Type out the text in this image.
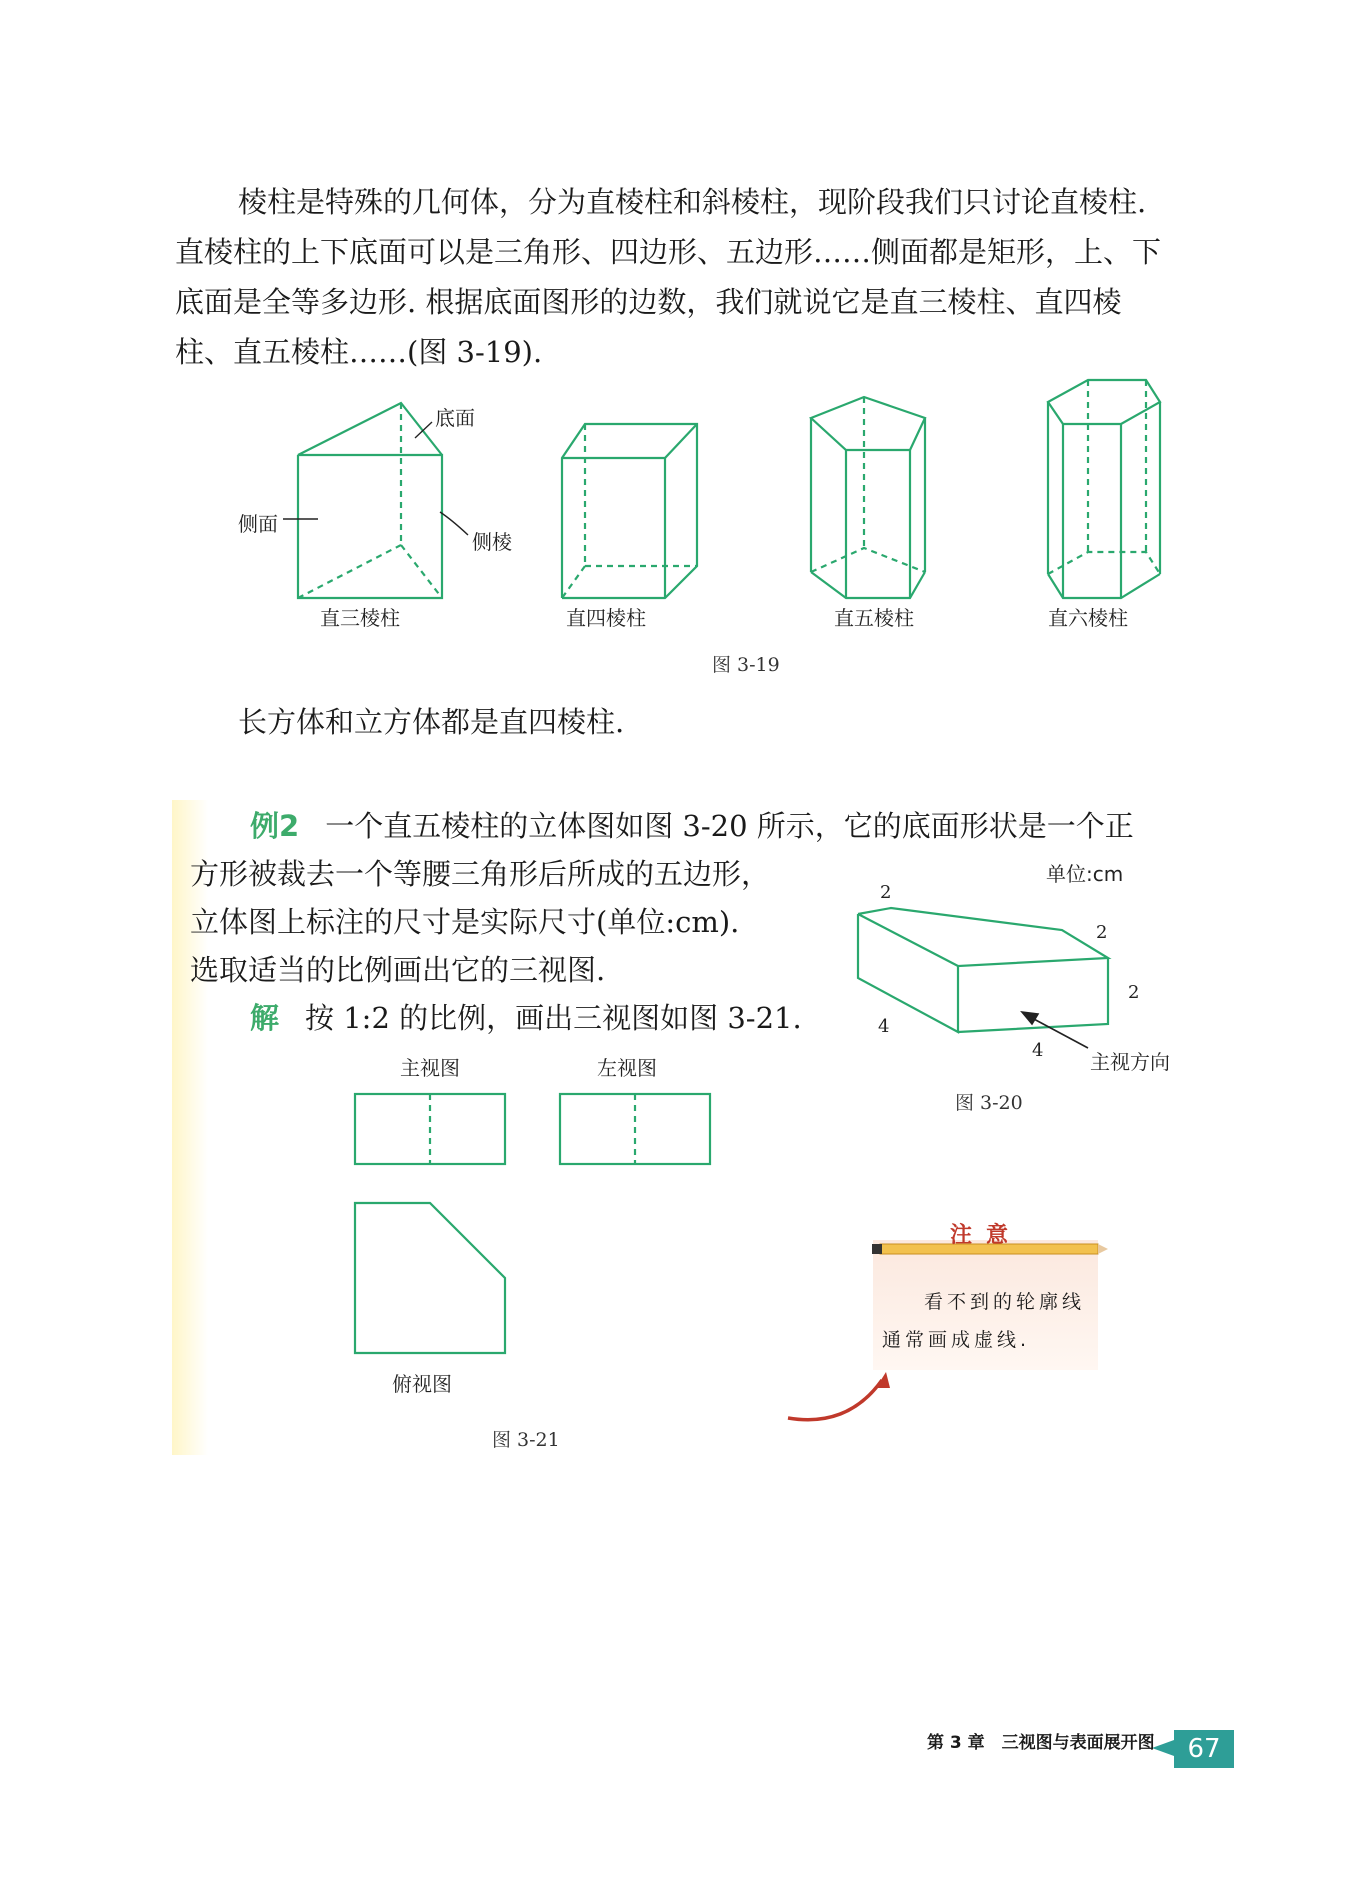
棱柱是特殊的几何体，分为直棱柱和斜棱柱，现阶段我们只讨论直棱柱.
直棱柱的上下底面可以是三角形、四边形、五边形……侧面都是矩形，上、下
底面是全等多边形. 根据底面图形的边数，我们就说它是直三棱柱、直四棱
柱、直五棱柱……(图 3-19).
底面
侧面
侧棱
直三棱柱	直四棱柱	直五棱柱	直六棱柱
图 3-19
长方体和立方体都是直四棱柱.
例2 一个直五棱柱的立体图如图 3-20 所示，它的底面形状是一个正
方形被裁去一个等腰三角形后所成的五边形，
立体图上标注的尺寸是实际尺寸(单位:cm).
选取适当的比例画出它的三视图.
解 按 1:2 的比例，画出三视图如图 3-21.
单位:cm
2
2
2
4
4 主视方向
图 3-20
主视图	左视图
俯视图
图 3-21
注意
看不到的轮廓线通常画成虚线.
第 3 章　三视图与表面展开图	67
